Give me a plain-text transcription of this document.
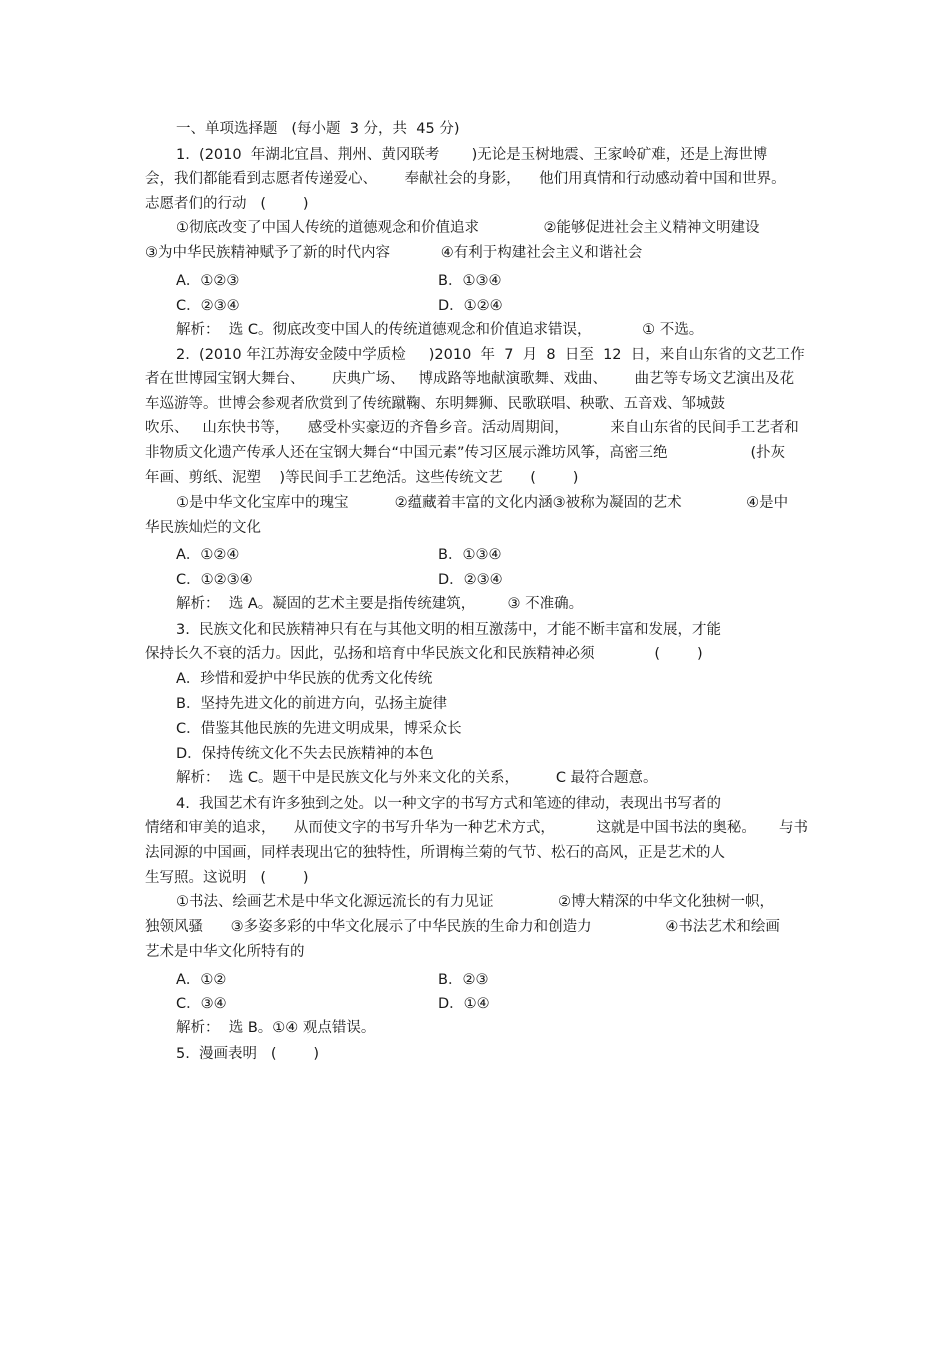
一、单项选择题   (每小题  3 分，共  45 分)
1.  (2010  年湖北宜昌、荆州、黄冈联考       )无论是玉树地震、王家岭矿难，还是上海世博
会，我们都能看到志愿者传递爱心、      奉献社会的身影，    他们用真情和行动感动着中国和世界。
志愿者们的行动   (        )
①彻底改变了中国人传统的道德观念和价值追求              ②能够促进社会主义精神文明建设
③为中华民族精神赋予了新的时代内容           ④有利于构建社会主义和谐社会
A．①②③	B．①③④
C．②③④	D．①②④
解析：  选 C。彻底改变中国人的传统道德观念和价值追求错误，           ① 不选。
2.  (2010 年江苏海安金陵中学质检     )2010  年  7  月  8  日至  12  日，来自山东省的文艺工作
者在世博园宝钢大舞台、      庆典广场、   博成路等地献演歌舞、戏曲、      曲艺等专场文艺演出及花
车巡游等。世博会参观者欣赏到了传统蹴鞠、东明舞狮、民歌联唱、秧歌、五音戏、邹城鼓
吹乐、   山东快书等，    感受朴实豪迈的齐鲁乡音。活动周期间，         来自山东省的民间手工艺者和
非物质文化遗产传承人还在宝钢大舞台“中国元素”传习区展示潍坊风筝，高密三绝                  (扑灰
年画、剪纸、泥塑    )等民间手工艺绝活。这些传统文艺      (        )
①是中华文化宝库中的瑰宝          ②蕴藏着丰富的文化内涵③被称为凝固的艺术              ④是中
华民族灿烂的文化
A．①②④	B．①③④
C．①②③④	D．②③④
解析：  选 A。凝固的艺术主要是指传统建筑，       ③ 不准确。
3.  民族文化和民族精神只有在与其他文明的相互激荡中，才能不断丰富和发展，才能
保持长久不衰的活力。因此，弘扬和培育中华民族文化和民族精神必须             (        )
A．珍惜和爱护中华民族的优秀文化传统
B．坚持先进文化的前进方向，弘扬主旋律
C．借鉴其他民族的先进文明成果，博采众长
D．保持传统文化不失去民族精神的本色
解析：  选 C。题干中是民族文化与外来文化的关系，        C 最符合题意。
4.  我国艺术有许多独到之处。以一种文字的书写方式和笔迹的律动，表现出书写者的
情绪和审美的追求，    从而使文字的书写升华为一种艺术方式，         这就是中国书法的奥秘。     与书
法同源的中国画，同样表现出它的独特性，所谓梅兰菊的气节、松石的高风，正是艺术的人
生写照。这说明   (        )
①书法、绘画艺术是中华文化源远流长的有力见证              ②博大精深的中华文化独树一帜，
独领风骚      ③多姿多彩的中华文化展示了中华民族的生命力和创造力                ④书法艺术和绘画
艺术是中华文化所特有的
A．①②	B．②③
C．③④	D．①④
解析：  选 B。①④ 观点错误。
5.  漫画表明   (        )
